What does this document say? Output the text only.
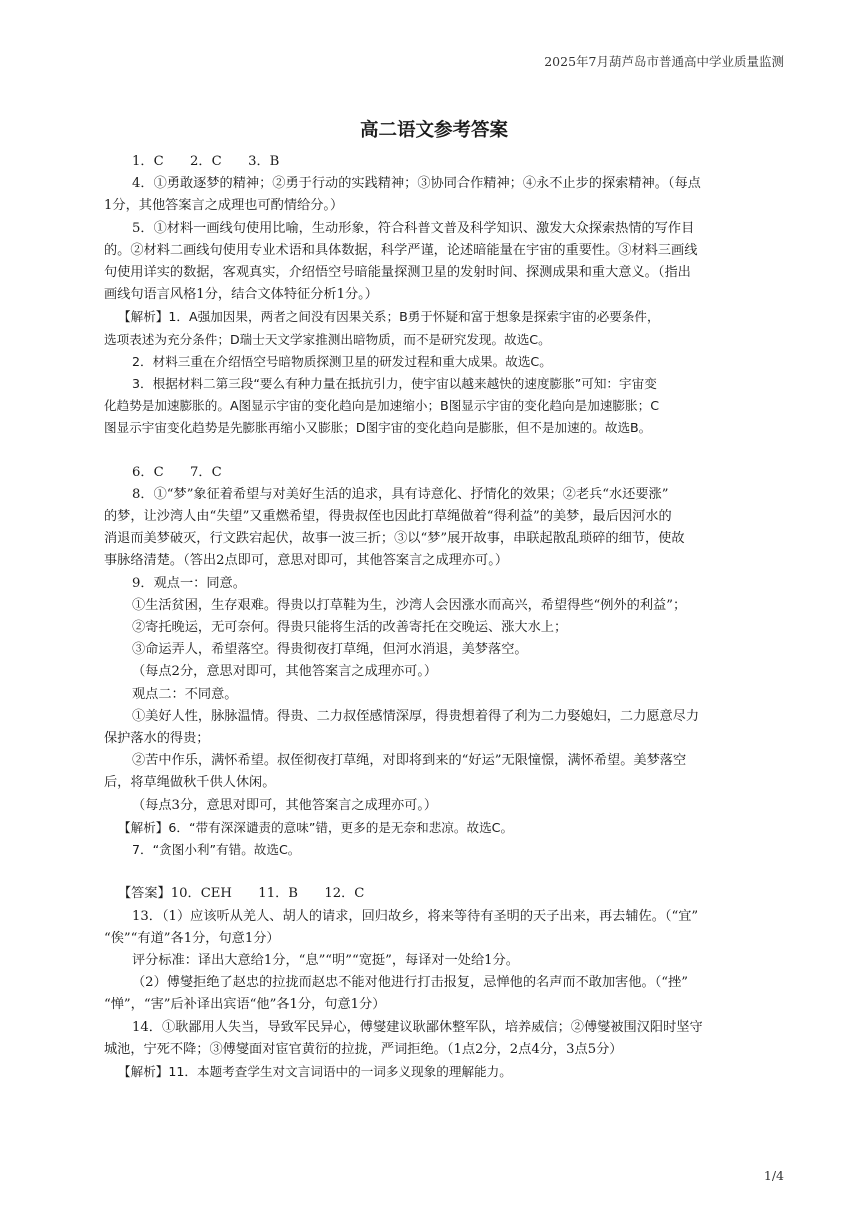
2025年7月葫芦岛市普通高中学业质量监测
高二语文参考答案
1．C　　2．C　　3．B
4．①勇敢逐梦的精神；②勇于行动的实践精神；③协同合作精神；④永不止步的探索精神。（每点
1分，其他答案言之成理也可酌情给分。）
5．①材料一画线句使用比喻，生动形象，符合科普文普及科学知识、激发大众探索热情的写作目
的。②材料二画线句使用专业术语和具体数据，科学严谨，论述暗能量在宇宙的重要性。③材料三画线
句使用详实的数据，客观真实，介绍悟空号暗能量探测卫星的发射时间、探测成果和重大意义。（指出
画线句语言风格1分，结合文体特征分析1分。）
【解析】1．A强加因果，两者之间没有因果关系；B勇于怀疑和富于想象是探索宇宙的必要条件，
选项表述为充分条件；D瑞士天文学家推测出暗物质，而不是研究发现。故选C。
2．材料三重在介绍悟空号暗物质探测卫星的研发过程和重大成果。故选C。
3．根据材料二第三段“要么有种力量在抵抗引力，使宇宙以越来越快的速度膨胀”可知：宇宙变
化趋势是加速膨胀的。A图显示宇宙的变化趋向是加速缩小；B图显示宇宙的变化趋向是加速膨胀；C
图显示宇宙变化趋势是先膨胀再缩小又膨胀；D图宇宙的变化趋向是膨胀，但不是加速的。故选B。
6．C　　7．C
8．①“梦”象征着希望与对美好生活的追求，具有诗意化、抒情化的效果；②老兵“水还要涨”
的梦，让沙湾人由“失望”又重燃希望，得贵叔侄也因此打草绳做着“得利益”的美梦，最后因河水的
消退而美梦破灭，行文跌宕起伏，故事一波三折；③以“梦”展开故事，串联起散乱琐碎的细节，使故
事脉络清楚。（答出2点即可，意思对即可，其他答案言之成理亦可。）
9．观点一：同意。
①生活贫困，生存艰难。得贵以打草鞋为生，沙湾人会因涨水而高兴，希望得些“例外的利益”；
②寄托晚运，无可奈何。得贵只能将生活的改善寄托在交晚运、涨大水上；
③命运弄人，希望落空。得贵彻夜打草绳，但河水消退，美梦落空。
（每点2分，意思对即可，其他答案言之成理亦可。）
观点二：不同意。
①美好人性，脉脉温情。得贵、二力叔侄感情深厚，得贵想着得了利为二力娶媳妇，二力愿意尽力
保护落水的得贵；
②苦中作乐，满怀希望。叔侄彻夜打草绳，对即将到来的“好运”无限憧憬，满怀希望。美梦落空
后，将草绳做秋千供人休闲。
（每点3分，意思对即可，其他答案言之成理亦可。）
【解析】6．“带有深深谴责的意味”错，更多的是无奈和悲凉。故选C。
7．“贪图小利”有错。故选C。
【答案】10．CEH　　11．B　　12．C
13．（1）应该听从羌人、胡人的请求，回归故乡，将来等待有圣明的天子出来，再去辅佐。（“宜”
“俟”“有道”各1分，句意1分）
评分标准：译出大意给1分，“息”“明”“宽挺”，每译对一处给1分。
（2）傅燮拒绝了赵忠的拉拢而赵忠不能对他进行打击报复，忌惮他的名声而不敢加害他。（“挫”
“惮”，“害”后补译出宾语“他”各1分，句意1分）
14．①耿鄙用人失当，导致军民异心，傅燮建议耿鄙休整军队，培养威信；②傅燮被围汉阳时坚守
城池，宁死不降；③傅燮面对宦官黄衍的拉拢，严词拒绝。（1点2分，2点4分，3点5分）
【解析】11．本题考查学生对文言词语中的一词多义现象的理解能力。
1/4
